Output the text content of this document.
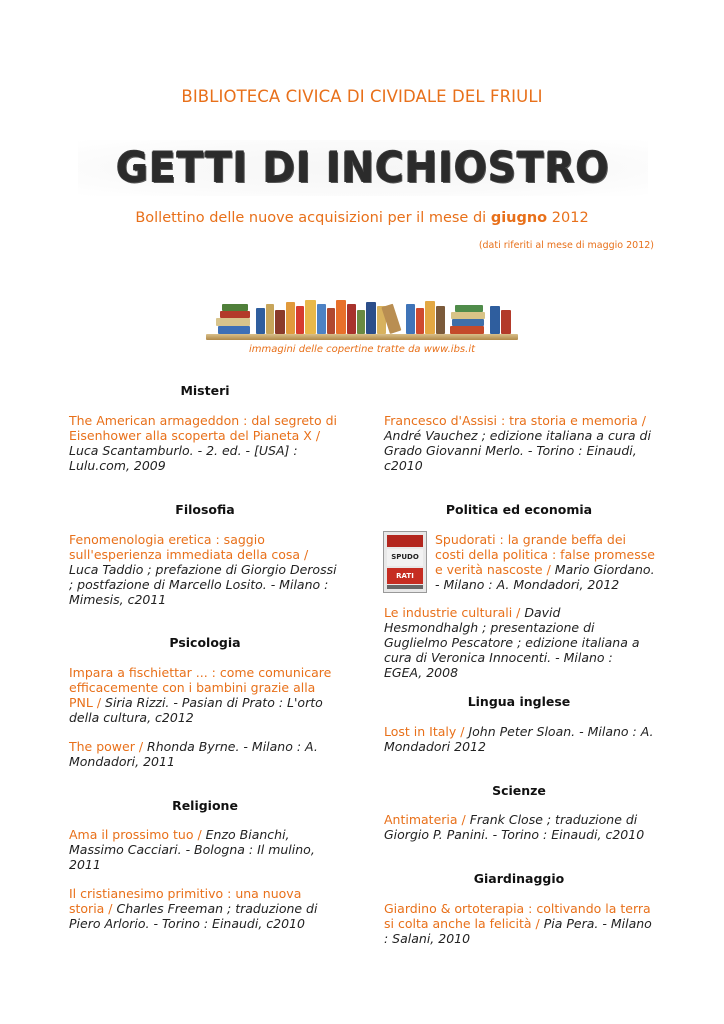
BIBLIOTECA CIVICA DI CIVIDALE DEL FRIULI
GETTI DI INCHIOSTRO
Bollettino delle nuove acquisizioni per il mese di giugno 2012
(dati riferiti al mese di maggio 2012)
immagini delle copertine tratte da www.ibs.it
Misteri
The American armageddon : dal segreto di Eisenhower alla scoperta del Pianeta X / Luca Scantamburlo. - 2. ed. - [USA] : Lulu.com, 2009
Filosofia
Fenomenologia eretica : saggio sull'esperienza immediata della cosa / Luca Taddio ; prefazione di Giorgio Derossi ; postfazione di Marcello Losito. - Milano : Mimesis, c2011
Psicologia
Impara a fischiettar ... : come comunicare efficacemente con i bambini grazie alla PNL / Siria Rizzi. - Pasian di Prato : L'orto della cultura, c2012
The power / Rhonda Byrne. - Milano : A. Mondadori, 2011
Religione
Ama il prossimo tuo / Enzo Bianchi, Massimo Cacciari. - Bologna : Il mulino, 2011
Il cristianesimo primitivo : una nuova storia / Charles Freeman ; traduzione di Piero Arlorio. - Torino : Einaudi, c2010
Francesco d'Assisi : tra storia e memoria / André Vauchez ; edizione italiana a cura di Grado Giovanni Merlo. - Torino : Einaudi, c2010
Politica ed economia
SPUDO
RATI
Spudorati : la grande beffa dei costi della politica : false promesse e verità nascoste / Mario Giordano. - Milano : A. Mondadori, 2012
Le industrie culturali / David Hesmondhalgh ; presentazione di Guglielmo Pescatore ; edizione italiana a cura di Veronica Innocenti. - Milano : EGEA, 2008
Lingua inglese
Lost in Italy / John Peter Sloan. - Milano : A. Mondadori 2012
Scienze
Antimateria / Frank Close ; traduzione di Giorgio P. Panini. - Torino : Einaudi, c2010
Giardinaggio
Giardino & ortoterapia : coltivando la terra si colta anche la felicità / Pia Pera. - Milano : Salani, 2010
